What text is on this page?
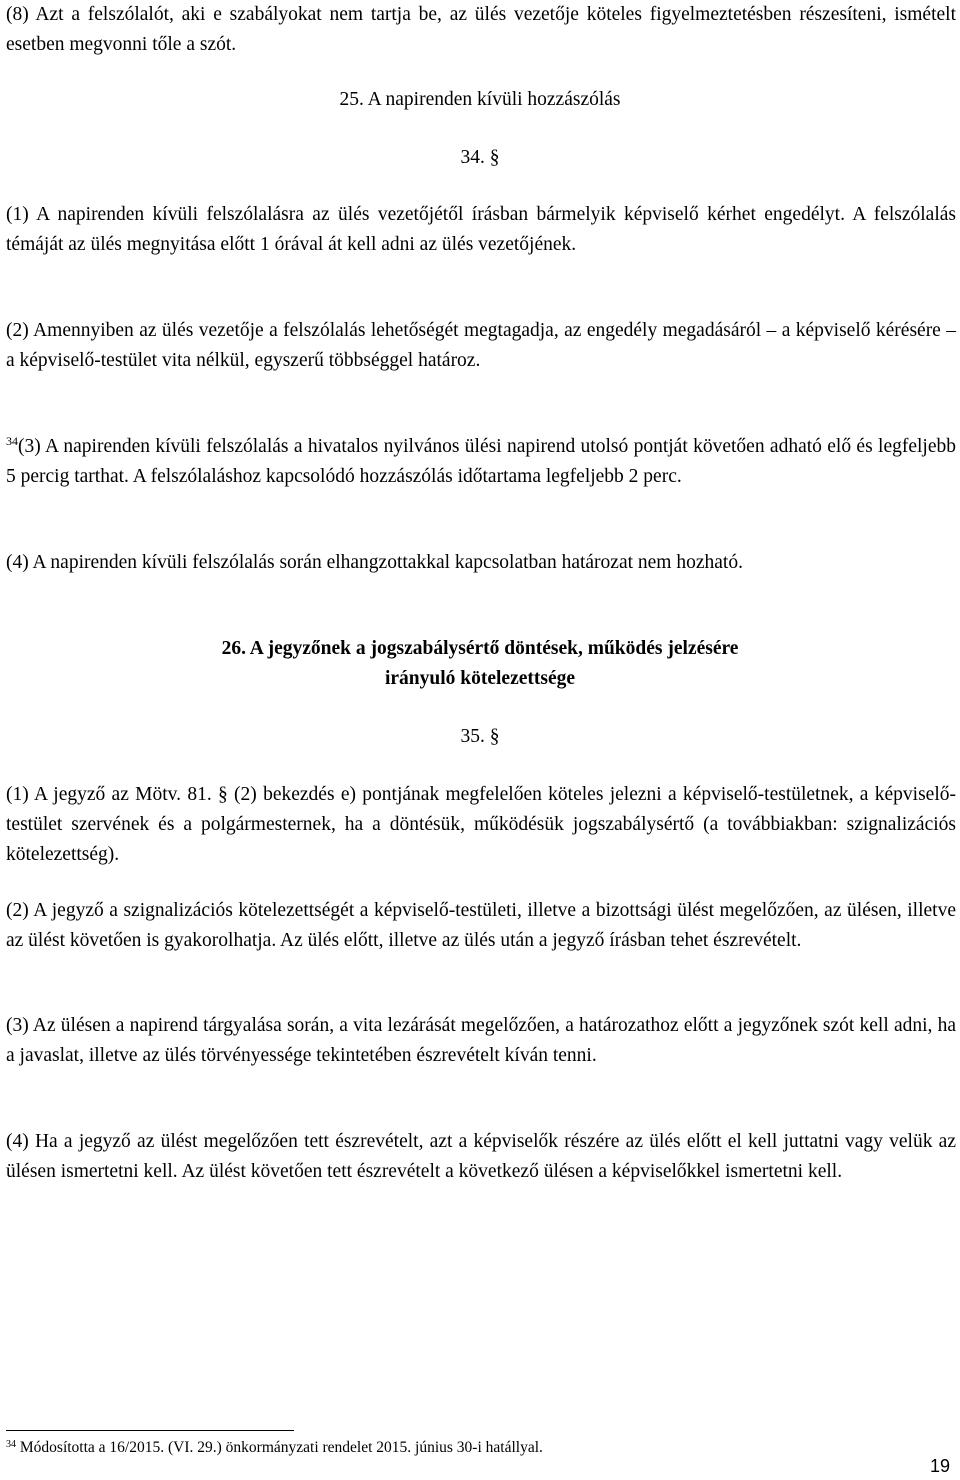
(8) Azt a felszólalót, aki e szabályokat nem tartja be, az ülés vezetője köteles figyelmeztetésben részesíteni, ismételt esetben megvonni tőle a szót.

25. A napirenden kívüli hozzászólás

34. §

(1) A napirenden kívüli felszólalásra az ülés vezetőjétől írásban bármelyik képviselő kérhet engedélyt. A felszólalás témáját az ülés megnyitása előtt 1 órával át kell adni az ülés vezetőjének.

(2) Amennyiben az ülés vezetője a felszólalás lehetőségét megtagadja, az engedély megadásáról – a képviselő kérésére – a képviselő-testület vita nélkül, egyszerű többséggel határoz.

$^{34}$(3) A napirenden kívüli felszólalás a hivatalos nyilvános ülési napirend utolsó pontját követően adható elő és legfeljebb 5 percig tarthat. A felszólaláshoz kapcsolódó hozzászólás időtartama legfeljebb 2 perc.

(4) A napirenden kívüli felszólalás során elhangzottakkal kapcsolatban határozat nem hozható.

26. A jegyzőnek a jogszabálysértő döntések, működés jelzésére

irányuló kötelezettsége

35. §

(1) A jegyző az Mötv. 81. § (2) bekezdés e) pontjának megfelelően köteles jelezni a képviselő-testületnek, a képviselő-testület szervének és a polgármesternek, ha a döntésük, működésük jogszabálysértő (a továbbiakban: szignalizációs kötelezettség).

(2) A jegyző a szignalizációs kötelezettségét a képviselő-testületi, illetve a bizottsági ülést megelőzően, az ülésen, illetve az ülést követően is gyakorolhatja. Az ülés előtt, illetve az ülés után a jegyző írásban tehet észrevételt.

(3) Az ülésen a napirend tárgyalása során, a vita lezárását megelőzően, a határozathoz előtt a jegyzőnek szót kell adni, ha a javaslat, illetve az ülés törvényessége tekintetében észrevételt kíván tenni.

(4) Ha a jegyző az ülést megelőzően tett észrevételt, azt a képviselők részére az ülés előtt el kell juttatni vagy velük az ülésen ismertetni kell. Az ülést követően tett észrevételt a következő ülésen a képviselőkkel ismertetni kell.

$^{34}$ Módosította a 16/2015. (VI. 29.) önkormányzati rendelet 2015. június 30-i hatállyal.
19
